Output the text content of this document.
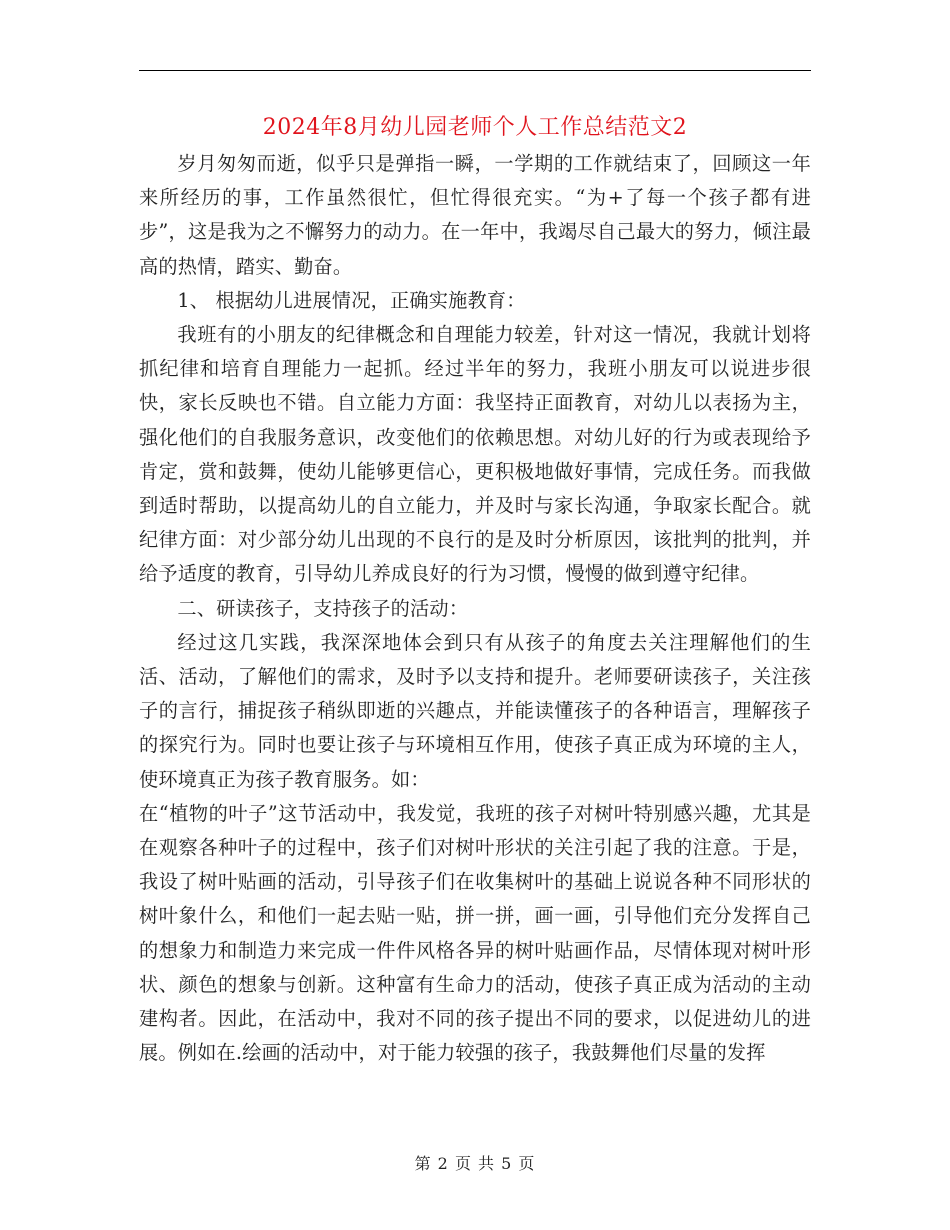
2024年8月幼儿园老师个人工作总结范文2

岁月匆匆而逝，似乎只是弹指一瞬，一学期的工作就结束了，回顾这一年来所经历的事，工作虽然很忙，但忙得很充实。“为+了每一个孩子都有进步”，这是我为之不懈努力的动力。在一年中，我竭尽自己最大的努力，倾注最高的热情，踏实、勤奋。

1、 根据幼儿进展情况，正确实施教育：

我班有的小朋友的纪律概念和自理能力较差，针对这一情况，我就计划将抓纪律和培育自理能力一起抓。经过半年的努力，我班小朋友可以说进步很快，家长反映也不错。自立能力方面：我坚持正面教育，对幼儿以表扬为主，强化他们的自我服务意识，改变他们的依赖思想。对幼儿好的行为或表现给予肯定，赏和鼓舞，使幼儿能够更信心，更积极地做好事情，完成任务。而我做到适时帮助，以提高幼儿的自立能力，并及时与家长沟通，争取家长配合。就纪律方面：对少部分幼儿出现的不良行的是及时分析原因，该批判的批判，并给予适度的教育，引导幼儿养成良好的行为习惯，慢慢的做到遵守纪律。

二、研读孩子，支持孩子的活动：

经过这几实践，我深深地体会到只有从孩子的角度去关注理解他们的生活、活动，了解他们的需求，及时予以支持和提升。老师要研读孩子，关注孩子的言行，捕捉孩子稍纵即逝的兴趣点，并能读懂孩子的各种语言，理解孩子的探究行为。同时也要让孩子与环境相互作用，使孩子真正成为环境的主人，使环境真正为孩子教育服务。如：

在“植物的叶子”这节活动中，我发觉，我班的孩子对树叶特别感兴趣，尤其是在观察各种叶子的过程中，孩子们对树叶形状的关注引起了我的注意。于是，我设了树叶贴画的活动，引导孩子们在收集树叶的基础上说说各种不同形状的树叶象什么，和他们一起去贴一贴，拼一拼，画一画，引导他们充分发挥自己的想象力和制造力来完成一件件风格各异的树叶贴画作品，尽情体现对树叶形状、颜色的想象与创新。这种富有生命力的活动，使孩子真正成为活动的主动建构者。因此，在活动中，我对不同的孩子提出不同的要求，以促进幼儿的进展。例如在.绘画的活动中，对于能力较强的孩子，我鼓舞他们尽量的发挥

第 2 页 共 5 页
